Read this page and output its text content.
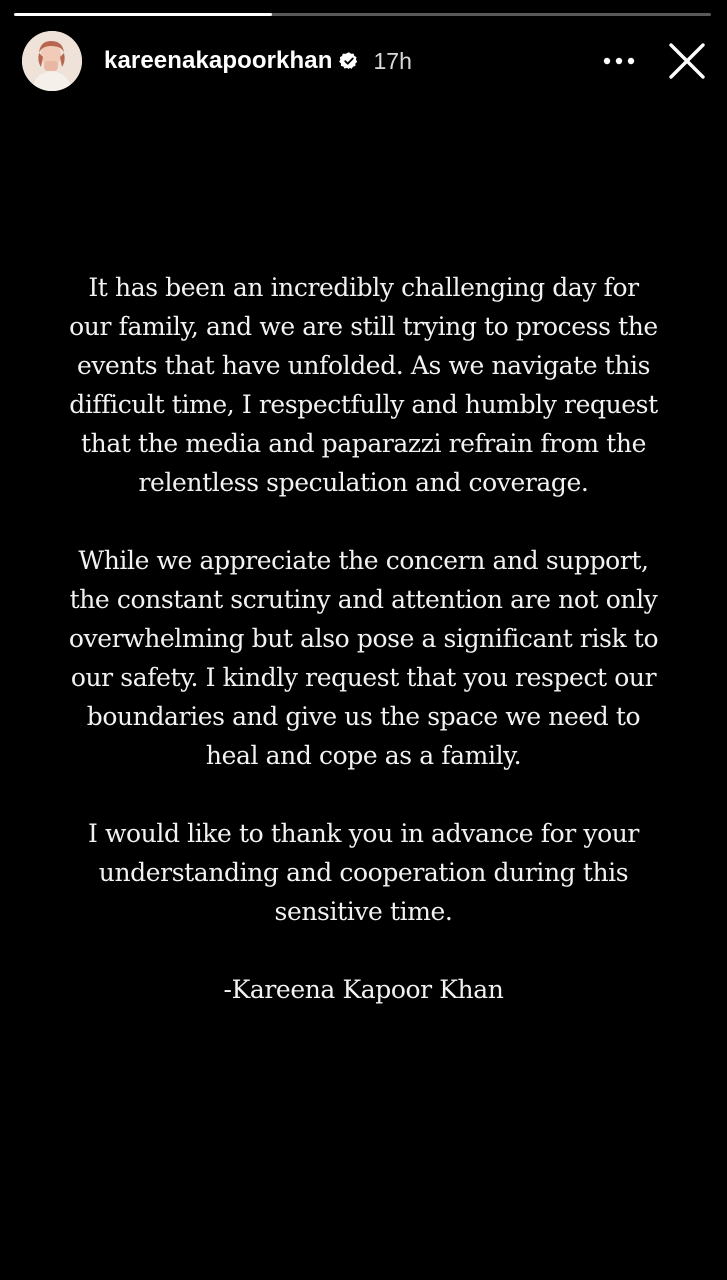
kareenakapoorkhan 17h

It has been an incredibly challenging day for
our family, and we are still trying to process the
events that have unfolded. As we navigate this
difficult time, I respectfully and humbly request
that the media and paparazzi refrain from the
relentless speculation and coverage.

While we appreciate the concern and support,
the constant scrutiny and attention are not only
overwhelming but also pose a significant risk to
our safety. I kindly request that you respect our
boundaries and give us the space we need to
heal and cope as a family.

I would like to thank you in advance for your
understanding and cooperation during this
sensitive time.

-Kareena Kapoor Khan
